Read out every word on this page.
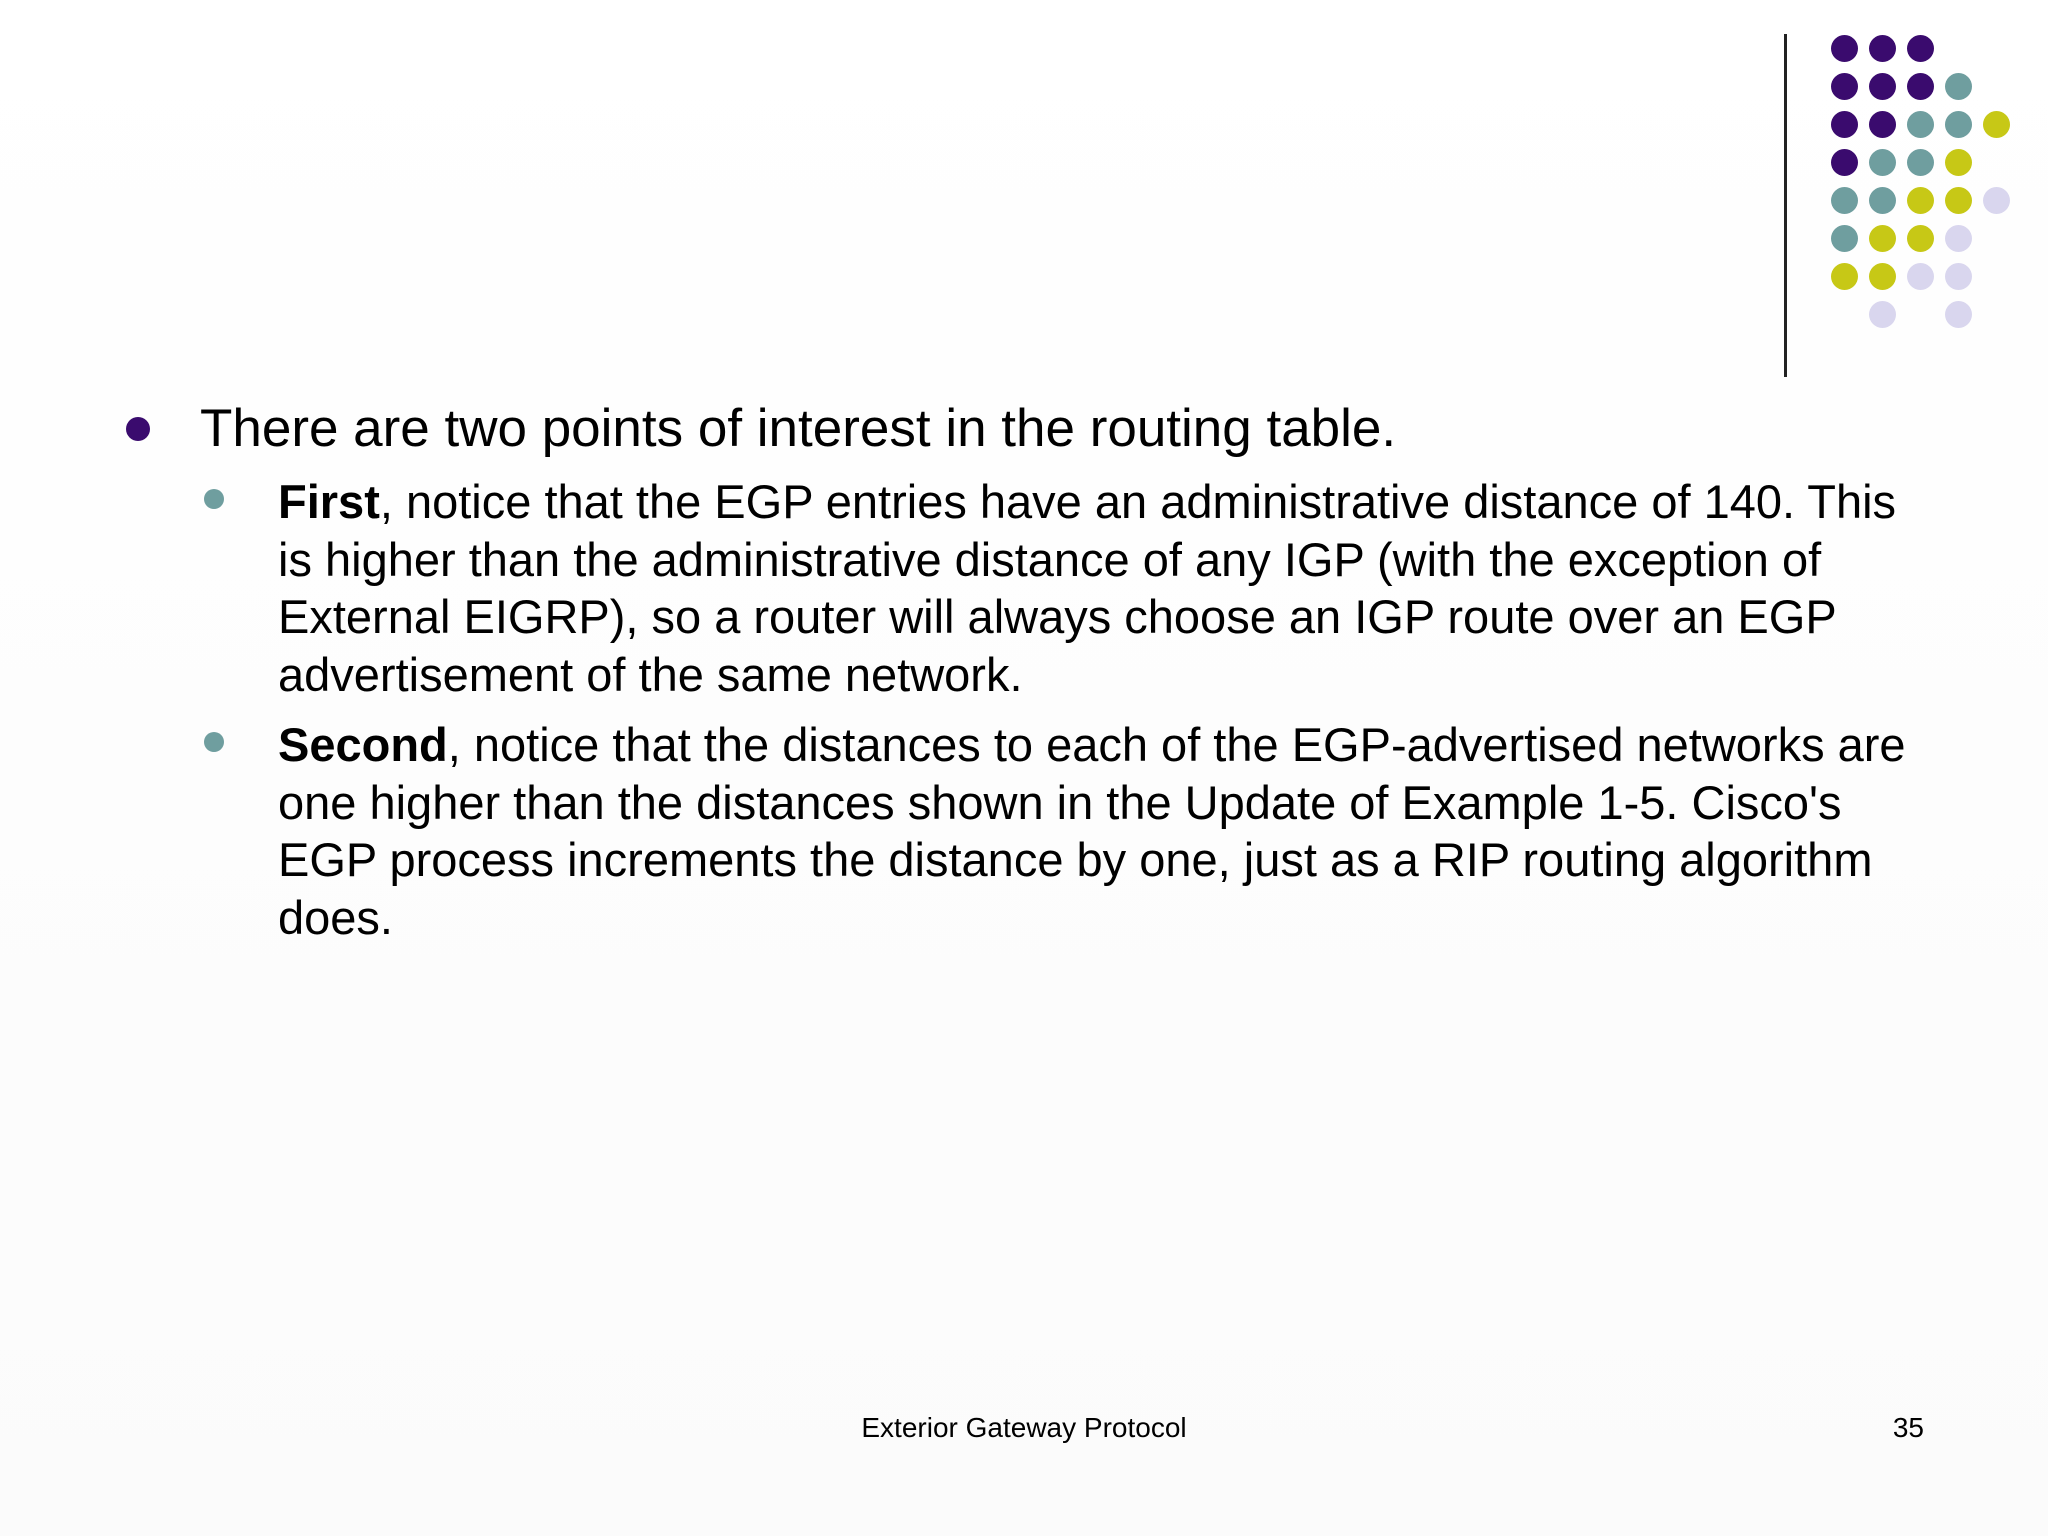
There are two points of interest in the routing table.
First, notice that the EGP entries have an administrative distance of 140. This is higher than the administrative distance of any IGP (with the exception of External EIGRP), so a router will always choose an IGP route over an EGP advertisement of the same network.
Second, notice that the distances to each of the EGP-advertised networks are one higher than the distances shown in the Update of Example 1-5. Cisco's EGP process increments the distance by one, just as a RIP routing algorithm does.
Exterior Gateway Protocol	35
